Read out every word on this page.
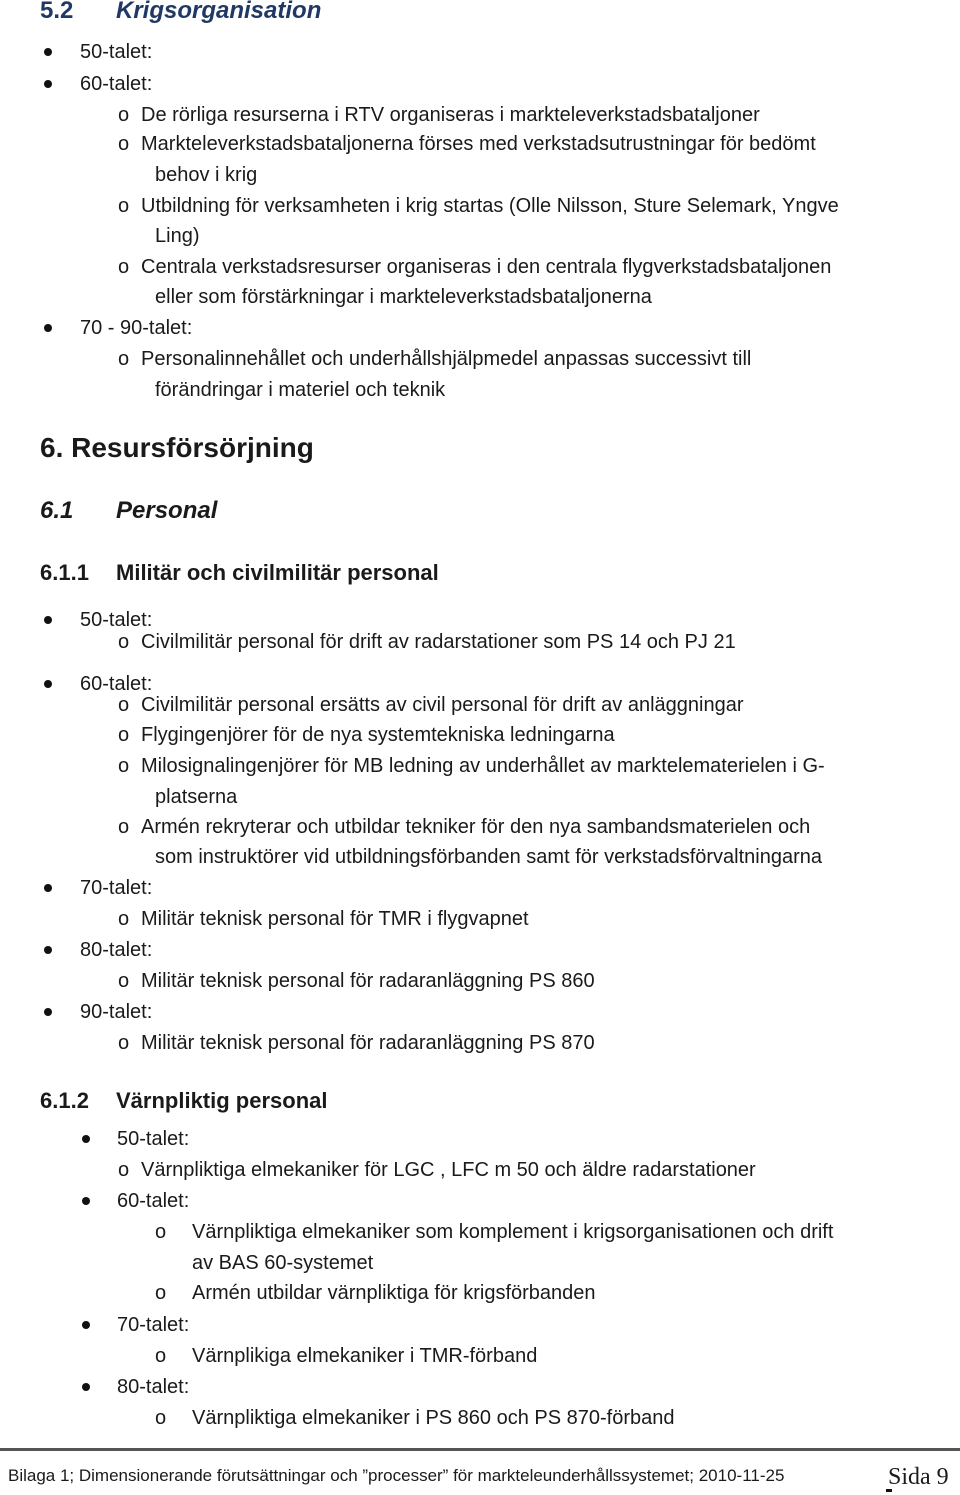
5.2 Krigsorganisation
50-talet:
60-talet:
o De rörliga resurserna i RTV organiseras i markteleverkstadsbataljoner
o Markteleverkstadsbataljonerna förses med verkstadsutrustningar för bedömt
behov i krig
o Utbildning för verksamheten i krig startas (Olle Nilsson, Sture Selemark, Yngve
Ling)
o Centrala verkstadsresurser organiseras i den centrala flygverkstadsbataljonen
eller som förstärkningar i markteleverkstadsbataljonerna
70 - 90-talet:
o Personalinnehållet och underhållshjälpmedel anpassas successivt till
förändringar i materiel och teknik
6. Resursförsörjning
6.1 Personal
6.1.1 Militär och civilmilitär personal
50-talet:
o Civilmilitär personal för drift av radarstationer som PS 14 och PJ 21
60-talet:
o Civilmilitär personal ersätts av civil personal för drift av anläggningar
o Flygingenjörer för de nya systemtekniska ledningarna
o Milosignalingenjörer för MB ledning av underhållet av marktelematerielen i G-
platserna
o Armén rekryterar och utbildar tekniker för den nya sambandsmaterielen och
som instruktörer vid utbildningsförbanden samt för verkstadsförvaltningarna
70-talet:
o Militär teknisk personal för TMR i flygvapnet
80-talet:
o Militär teknisk personal för radaranläggning PS 860
90-talet:
o Militär teknisk personal för radaranläggning PS 870
6.1.2 Värnpliktig personal
50-talet:
o Värnpliktiga elmekaniker för LGC , LFC m 50 och äldre radarstationer
60-talet:
o Värnpliktiga elmekaniker som komplement i krigsorganisationen och drift
av BAS 60-systemet
o Armén utbildar värnpliktiga för krigsförbanden
70-talet:
o Värnplikiga elmekaniker i TMR-förband
80-talet:
o Värnpliktiga elmekaniker i PS 860 och PS 870-förband
Bilaga 1; Dimensionerande förutsättningar och ”processer” för markteleunderhållssystemet; 2010-11-25	Sida 9
